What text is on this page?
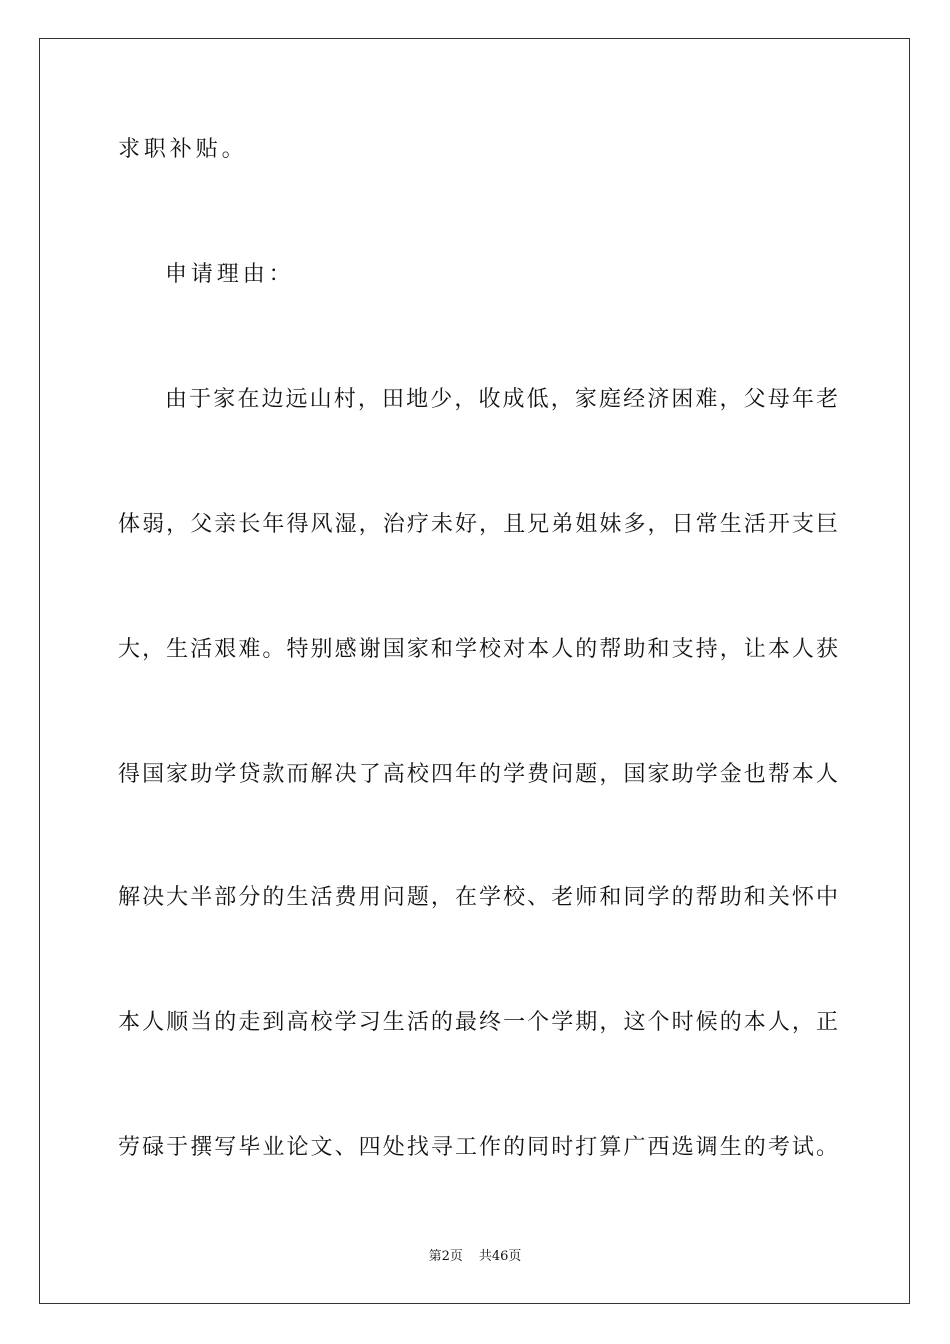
求职补贴。
申请理由：
由于家在边远山村，田地少，收成低，家庭经济困难，父母年老
体弱，父亲长年得风湿，治疗未好，且兄弟姐妹多，日常生活开支巨
大，生活艰难。特别感谢国家和学校对本人的帮助和支持，让本人获
得国家助学贷款而解决了高校四年的学费问题，国家助学金也帮本人
解决大半部分的生活费用问题，在学校、老师和同学的帮助和关怀中
本人顺当的走到高校学习生活的最终一个学期，这个时候的本人，正
劳碌于撰写毕业论文、四处找寻工作的同时打算广西选调生的考试。
第2页 共46页
